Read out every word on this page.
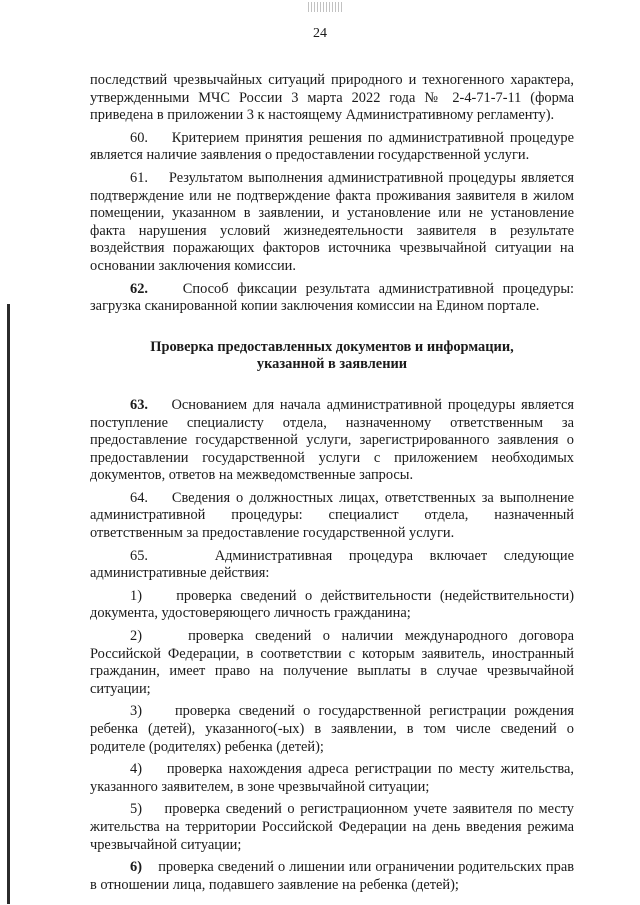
24

последствий чрезвычайных ситуаций природного и техногенного характера, утвержденными МЧС России 3 марта 2022 года № 2-4-71-7-11 (форма приведена в приложении 3 к настоящему Административному регламенту).

60. Критерием принятия решения по административной процедуре является наличие заявления о предоставлении государственной услуги.

61. Результатом выполнения административной процедуры является подтверждение или не подтверждение факта проживания заявителя в жилом помещении, указанном в заявлении, и установление или не установление факта нарушения условий жизнедеятельности заявителя в результате воздействия поражающих факторов источника чрезвычайной ситуации на основании заключения комиссии.

62. Способ фиксации результата административной процедуры: загрузка сканированной копии заключения комиссии на Едином портале.

Проверка предоставленных документов и информации,
указанной в заявлении

63. Основанием для начала административной процедуры является поступление специалисту отдела, назначенному ответственным за предоставление государственной услуги, зарегистрированного заявления о предоставлении государственной услуги с приложением необходимых документов, ответов на межведомственные запросы.

64. Сведения о должностных лицах, ответственных за выполнение административной процедуры: специалист отдела, назначенный ответственным за предоставление государственной услуги.

65.	Административная процедура включает следующие административные действия:

1) проверка сведений о действительности (недействительности) документа, удостоверяющего личность гражданина;

2)	проверка сведений о наличии международного договора Российской Федерации, в соответствии с которым заявитель, иностранный гражданин, имеет право на получение выплаты в случае чрезвычайной ситуации;

3) проверка сведений о государственной регистрации рождения ребенка (детей), указанного(-ых) в заявлении, в том числе сведений о родителе (родителях) ребенка (детей);

4) проверка нахождения адреса регистрации по месту жительства, указанного заявителем, в зоне чрезвычайной ситуации;

5) проверка сведений о регистрационном учете заявителя по месту жительства на территории Российской Федерации на день введения режима чрезвычайной ситуации;

6) проверка сведений о лишении или ограничении родительских прав в отношении лица, подавшего заявление на ребенка (детей);
